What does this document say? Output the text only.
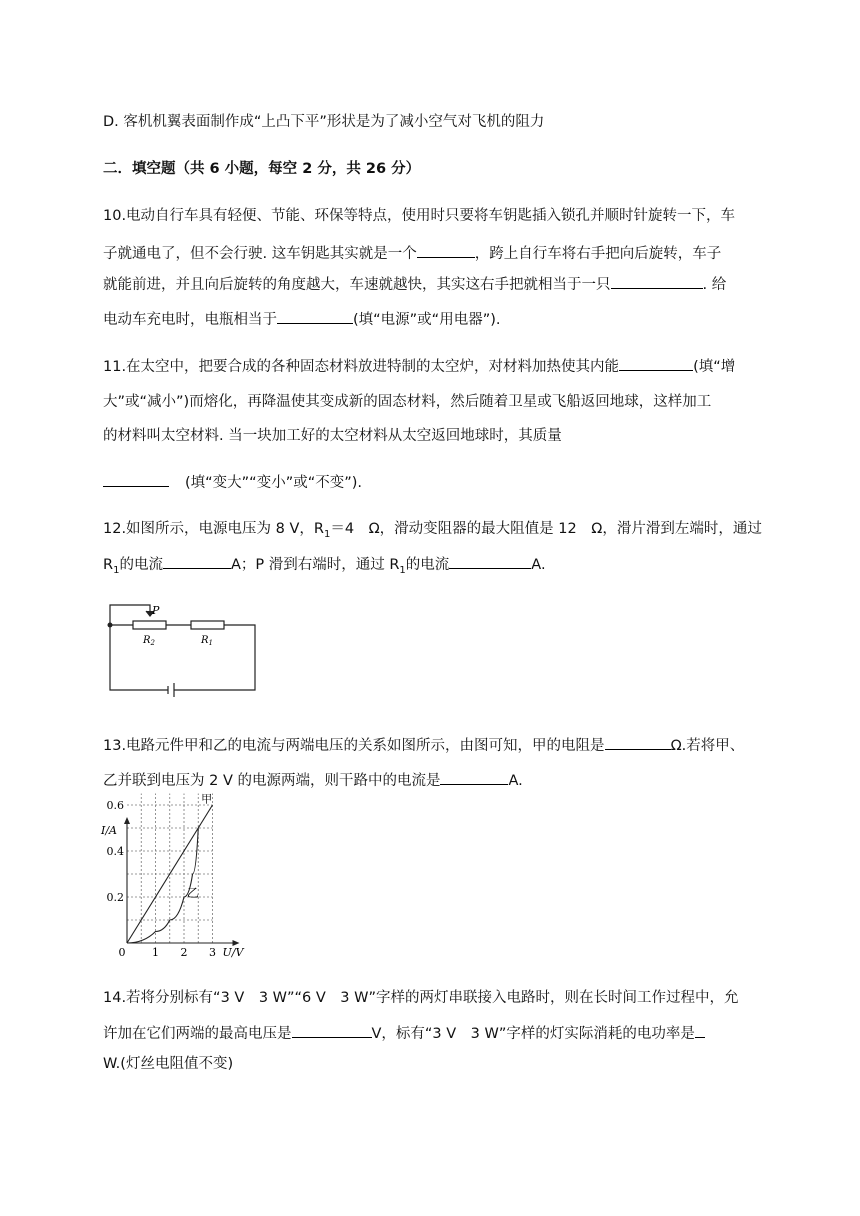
D. 客机机翼表面制作成“上凸下平”形状是为了减小空气对飞机的阻力
二．填空题（共 6 小题，每空 2 分，共 26 分）
10.电动自行车具有轻便、节能、环保等特点，使用时只要将车钥匙插入锁孔并顺时针旋转一下，车
子就通电了，但不会行驶. 这车钥匙其实就是一个	，跨上自行车将右手把向后旋转，车子
就能前进，并且向后旋转的角度越大，车速就越快，其实这右手把就相当于一只	. 给
电动车充电时，电瓶相当于	(填“电源”或“用电器”).
11.在太空中，把要合成的各种固态材料放进特制的太空炉，对材料加热使其内能	(填“增
大”或“减小”)而熔化，再降温使其变成新的固态材料，然后随着卫星或飞船返回地球，这样加工
的材料叫太空材料. 当一块加工好的太空材料从太空返回地球时，其质量
(填“变大”“变小”或“不变”).
12.如图所示，电源电压为 8 V，$R_1=4$　Ω，滑动变阻器的最大阻值是 12　Ω，滑片滑到左端时，通过
$R_1$的电流	A；P 滑到右端时，通过 $R_1$的电流	A.
P
$R_2$	$R_1$
13.电路元件甲和乙的电流与两端电压的关系如图所示，由图可知，甲的电阻是	Ω.若将甲、
乙并联到电压为 2 V 的电源两端，则干路中的电流是	A.
0 1 2 3
0.2
0.4
0.6
U/V
I/A
甲
乙
14.若将分别标有“3 V　3 W”“6 V　3 W”字样的两灯串联接入电路时，则在长时间工作过程中，允
许加在它们两端的最高电压是	V，标有“3 V　3 W”字样的灯实际消耗的电功率是
W.(灯丝电阻值不变)
